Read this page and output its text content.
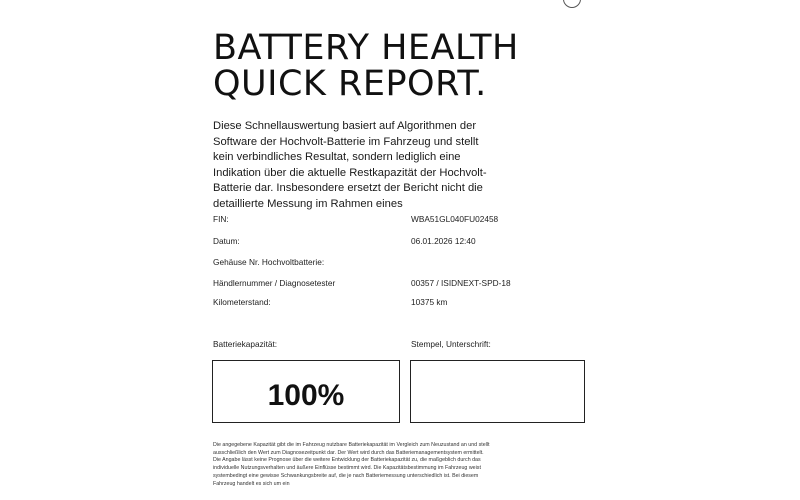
BATTERY HEALTH
QUICK REPORT.

Diese Schnellauswertung basiert auf Algorithmen der Software der Hochvolt-Batterie im Fahrzeug und stellt kein verbindliches Resultat, sondern lediglich eine Indikation über die aktuelle Restkapazität der Hochvolt-Batterie dar. Insbesondere ersetzt der Bericht nicht die detaillierte Messung im Rahmen eines

FIN:	WBA51GL040FU02458
Datum:	06.01.2026 12:40
Gehäuse Nr. Hochvoltbatterie:
Händlernummer / Diagnosetester	00357 / ISIDNEXT-SPD-18
Kilometerstand:	10375 km
Batteriekapazität:	Stempel, Unterschrift:
100%

Die angegebene Kapazität gibt die im Fahrzeug nutzbare Batteriekapazität im Vergleich zum Neuzustand an und stellt ausschließlich den Wert zum Diagnosezeitpunkt dar. Der Wert wird durch das Batteriemanagementsystem ermittelt. Die Angabe lässt keine Prognose über die weitere Entwicklung der Batteriekapazität zu, die maßgeblich durch das individuelle Nutzungsverhalten und äußere Einflüsse bestimmt wird. Die Kapazitätsbestimmung im Fahrzeug weist systembedingt eine gewisse Schwankungsbreite auf, die je nach Batteriemessung unterschiedlich ist. Bei diesem Fahrzeug handelt es sich um ein
